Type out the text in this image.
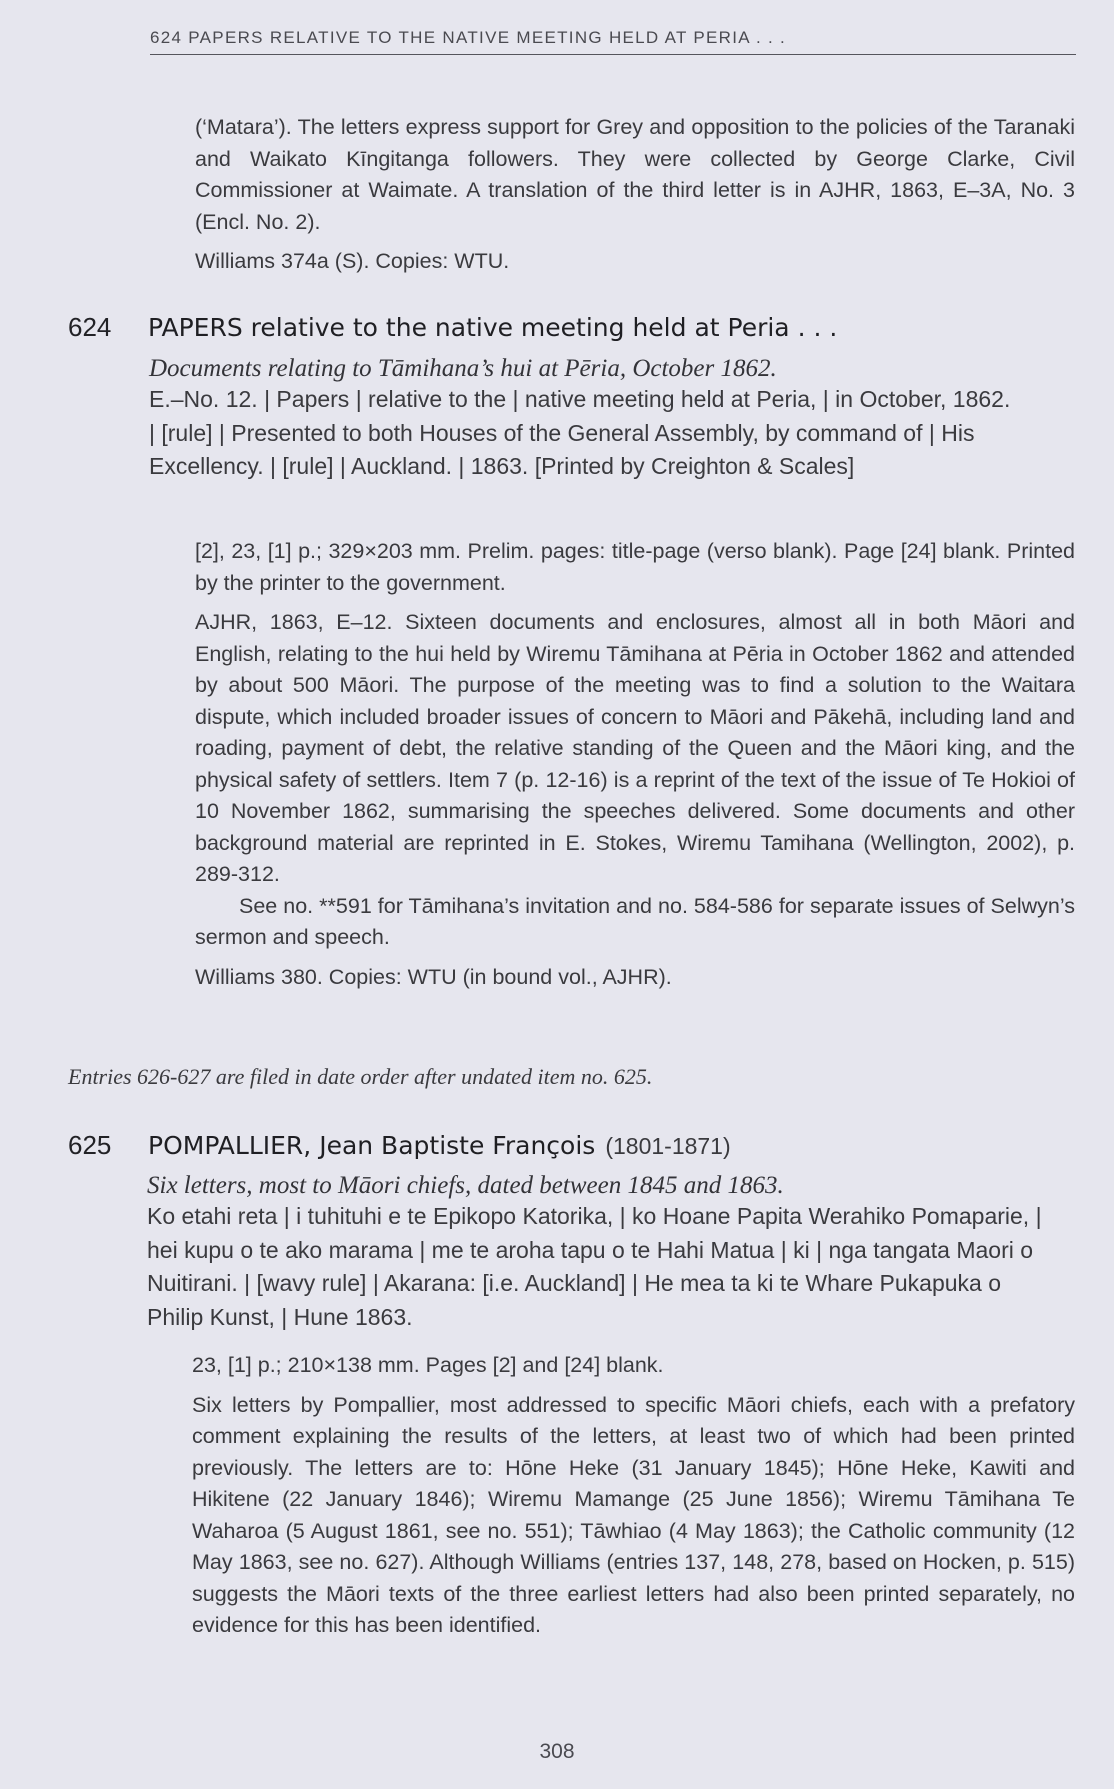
624 PAPERS RELATIVE TO THE NATIVE MEETING HELD AT PERIA . . .

(‘Matara’). The letters express support for Grey and opposition to the policies of the Taranaki and Waikato Kīngitanga followers. They were collected by George Clarke, Civil Commissioner at Waimate. A translation of the third letter is in AJHR, 1863, E–3A, No. 3 (Encl. No. 2).

Williams 374a (S). Copies: WTU.

624 PAPERS relative to the native meeting held at Peria . . .
Documents relating to Tāmihana’s hui at Pēria, October 1862.

E.–No. 12. | Papers | relative to the | native meeting held at Peria, | in October, 1862. | [rule] | Presented to both Houses of the General Assembly, by command of | His Excellency. | [rule] | Auckland. | 1863. [Printed by Creighton & Scales]

[2], 23, [1] p.; 329×203 mm. Prelim. pages: title-page (verso blank). Page [24] blank. Printed by the printer to the government.

AJHR, 1863, E–12. Sixteen documents and enclosures, almost all in both Māori and English, relating to the hui held by Wiremu Tāmihana at Pēria in October 1862 and attended by about 500 Māori. The purpose of the meeting was to find a solution to the Waitara dispute, which included broader issues of concern to Māori and Pākehā, including land and roading, payment of debt, the relative standing of the Queen and the Māori king, and the physical safety of settlers. Item 7 (p. 12-16) is a reprint of the text of the issue of Te Hokioi of 10 November 1862, summarising the speeches delivered. Some documents and other background material are reprinted in E. Stokes, Wiremu Tamihana (Wellington, 2002), p. 289-312.

See no. **591 for Tāmihana’s invitation and no. 584-586 for separate issues of Selwyn’s sermon and speech.

Williams 380. Copies: WTU (in bound vol., AJHR).

Entries 626-627 are filed in date order after undated item no. 625.
625 POMPALLIER, Jean Baptiste François (1801-1871)
Six letters, most to Māori chiefs, dated between 1845 and 1863.

Ko etahi reta | i tuhituhi e te Epikopo Katorika, | ko Hoane Papita Werahiko Pomaparie, | hei kupu o te ako marama | me te aroha tapu o te Hahi Matua | ki | nga tangata Maori o Nuitirani. | [wavy rule] | Akarana: [i.e. Auckland] | He mea ta ki te Whare Pukapuka o Philip Kunst, | Hune 1863.

23, [1] p.; 210×138 mm. Pages [2] and [24] blank.

Six letters by Pompallier, most addressed to specific Māori chiefs, each with a prefatory comment explaining the results of the letters, at least two of which had been printed previously. The letters are to: Hōne Heke (31 January 1845); Hōne Heke, Kawiti and Hikitene (22 January 1846); Wiremu Mamange (25 June 1856); Wiremu Tāmihana Te Waharoa (5 August 1861, see no. 551); Tāwhiao (4 May 1863); the Catholic community (12 May 1863, see no. 627). Although Williams (entries 137, 148, 278, based on Hocken, p. 515) suggests the Māori texts of the three earliest letters had also been printed separately, no evidence for this has been identified.

308
